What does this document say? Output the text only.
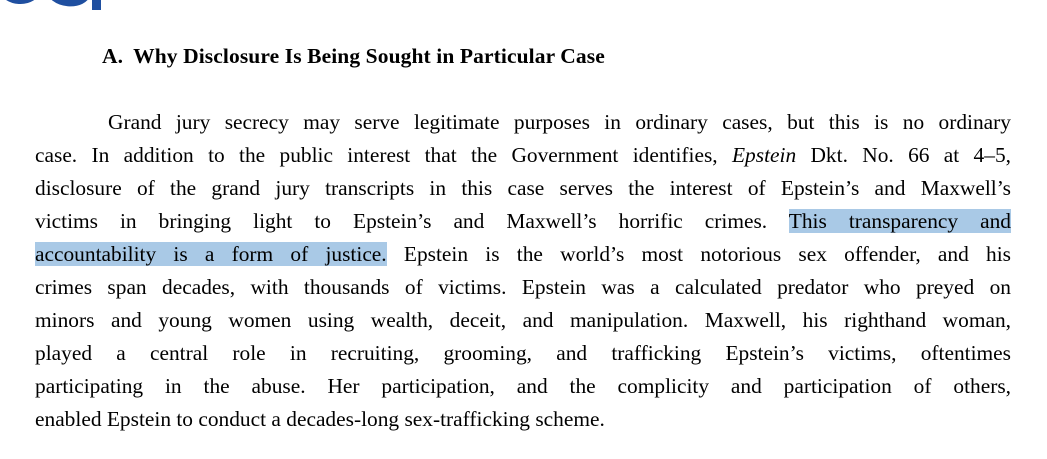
A. Why Disclosure Is Being Sought in Particular Case
Grand jury secrecy may serve legitimate purposes in ordinary cases, but this is no ordinary
case. In addition to the public interest that the Government identifies, Epstein Dkt. No. 66 at 4–5,
disclosure of the grand jury transcripts in this case serves the interest of Epstein’s and Maxwell’s
victims in bringing light to Epstein’s and Maxwell’s horrific crimes. This transparency and
accountability is a form of justice. Epstein is the world’s most notorious sex offender, and his
crimes span decades, with thousands of victims. Epstein was a calculated predator who preyed on
minors and young women using wealth, deceit, and manipulation. Maxwell, his righthand woman,
played a central role in recruiting, grooming, and trafficking Epstein’s victims, oftentimes
participating in the abuse. Her participation, and the complicity and participation of others,
enabled Epstein to conduct a decades-long sex-trafficking scheme.
